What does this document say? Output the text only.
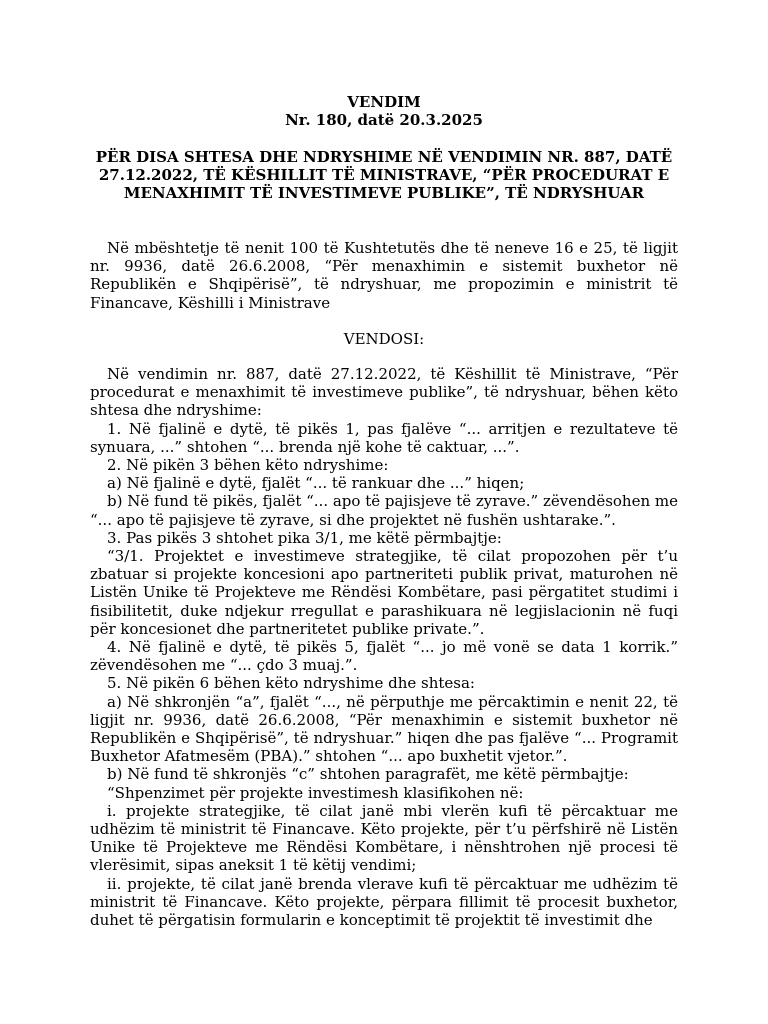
VENDIM

Nr. 180, datë 20.3.2025

PËR DISA SHTESA DHE NDRYSHIME NË VENDIMIN NR. 887, DATË 27.12.2022, TË KËSHILLIT TË MINISTRAVE, “PËR PROCEDURAT E MENAXHIMIT TË INVESTIMEVE PUBLIKE”, TË NDRYSHUAR

Në mbështetje të nenit 100 të Kushtetutës dhe të neneve 16 e 25, të ligjit nr. 9936, datë 26.6.2008, “Për menaxhimin e sistemit buxhetor në Republikën e Shqipërisë”, të ndryshuar, me propozimin e ministrit të Financave, Këshilli i Ministrave

VENDOSI:

Në vendimin nr. 887, datë 27.12.2022, të Këshillit të Ministrave, “Për procedurat e menaxhimit të investimeve publike”, të ndryshuar, bëhen këto shtesa dhe ndryshime:

1. Në fjalinë e dytë, të pikës 1, pas fjalëve “... arritjen e rezultateve të synuara, ...” shtohen “... brenda një kohe të caktuar, ...”.

2. Në pikën 3 bëhen këto ndryshime:

a) Në fjalinë e dytë, fjalët “... të rankuar dhe ...” hiqen;

b) Në fund të pikës, fjalët “... apo të pajisjeve të zyrave.” zëvendësohen me “... apo të pajisjeve të zyrave, si dhe projektet në fushën ushtarake.”.

3. Pas pikës 3 shtohet pika 3/1, me këtë përmbajtje:

“3/1. Projektet e investimeve strategjike, të cilat propozohen për t’u zbatuar si projekte koncesioni apo partneriteti publik privat, maturohen në Listën Unike të Projekteve me Rëndësi Kombëtare, pasi përgatitet studimi i fisibilitetit, duke ndjekur rregullat e parashikuara në legjislacionin në fuqi për koncesionet dhe partneritetet publike private.”.

4. Në fjalinë e dytë, të pikës 5, fjalët “... jo më vonë se data 1 korrik.” zëvendësohen me “... çdo 3 muaj.”.

5. Në pikën 6 bëhen këto ndryshime dhe shtesa:

a) Në shkronjën “a”, fjalët “..., në përputhje me përcaktimin e nenit 22, të ligjit nr. 9936, datë 26.6.2008, “Për menaxhimin e sistemit buxhetor në Republikën e Shqipërisë”, të ndryshuar.” hiqen dhe pas fjalëve “... Programit Buxhetor Afatmesëm (PBA).” shtohen “... apo buxhetit vjetor.”.

b) Në fund të shkronjës “c” shtohen paragrafët, me këtë përmbajtje:

“Shpenzimet për projekte investimesh klasifikohen në:

i. projekte strategjike, të cilat janë mbi vlerën kufi të përcaktuar me udhëzim të ministrit të Financave. Këto projekte, për t’u përfshirë në Listën Unike të Projekteve me Rëndësi Kombëtare, i nënshtrohen një procesi të vlerësimit, sipas aneksit 1 të këtij vendimi;

ii. projekte, të cilat janë brenda vlerave kufi të përcaktuar me udhëzim të ministrit të Financave. Këto projekte, përpara fillimit të procesit buxhetor, duhet të përgatisin formularin e konceptimit të projektit të investimit dhe
